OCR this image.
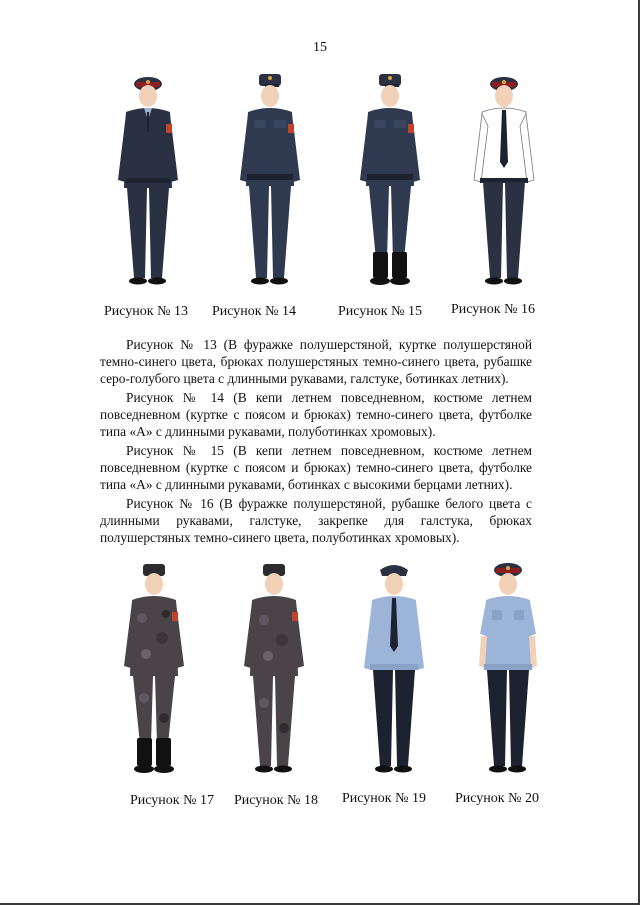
15
Рисунок № 13 Рисунок № 14	Рисунок № 15 Рисунок № 16

Рисунок № 13 (В фуражке полушерстяной, куртке полушерстяной темно-синего цвета, брюках полушерстяных темно-синего цвета, рубашке серо-голубого цвета с длинными рукавами, галстуке, ботинках летних).

Рисунок № 14 (В кепи летнем повседневном, костюме летнем повседневном (куртке с поясом и брюках) темно-синего цвета, футболке типа «А» с длинными рукавами, полуботинках хромовых).

Рисунок № 15 (В кепи летнем повседневном, костюме летнем повседневном (куртке с поясом и брюках) темно-синего цвета, футболке типа «А» с длинными рукавами, ботинках с высокими берцами летних).

Рисунок № 16 (В фуражке полушерстяной, рубашке белого цвета с длинными рукавами, галстуке, закрепке для галстука, брюках полушерстяных темно-синего цвета, полуботинках хромовых).

Рисунок № 17 Рисунок № 18 Рисунок № 19 Рисунок № 20
